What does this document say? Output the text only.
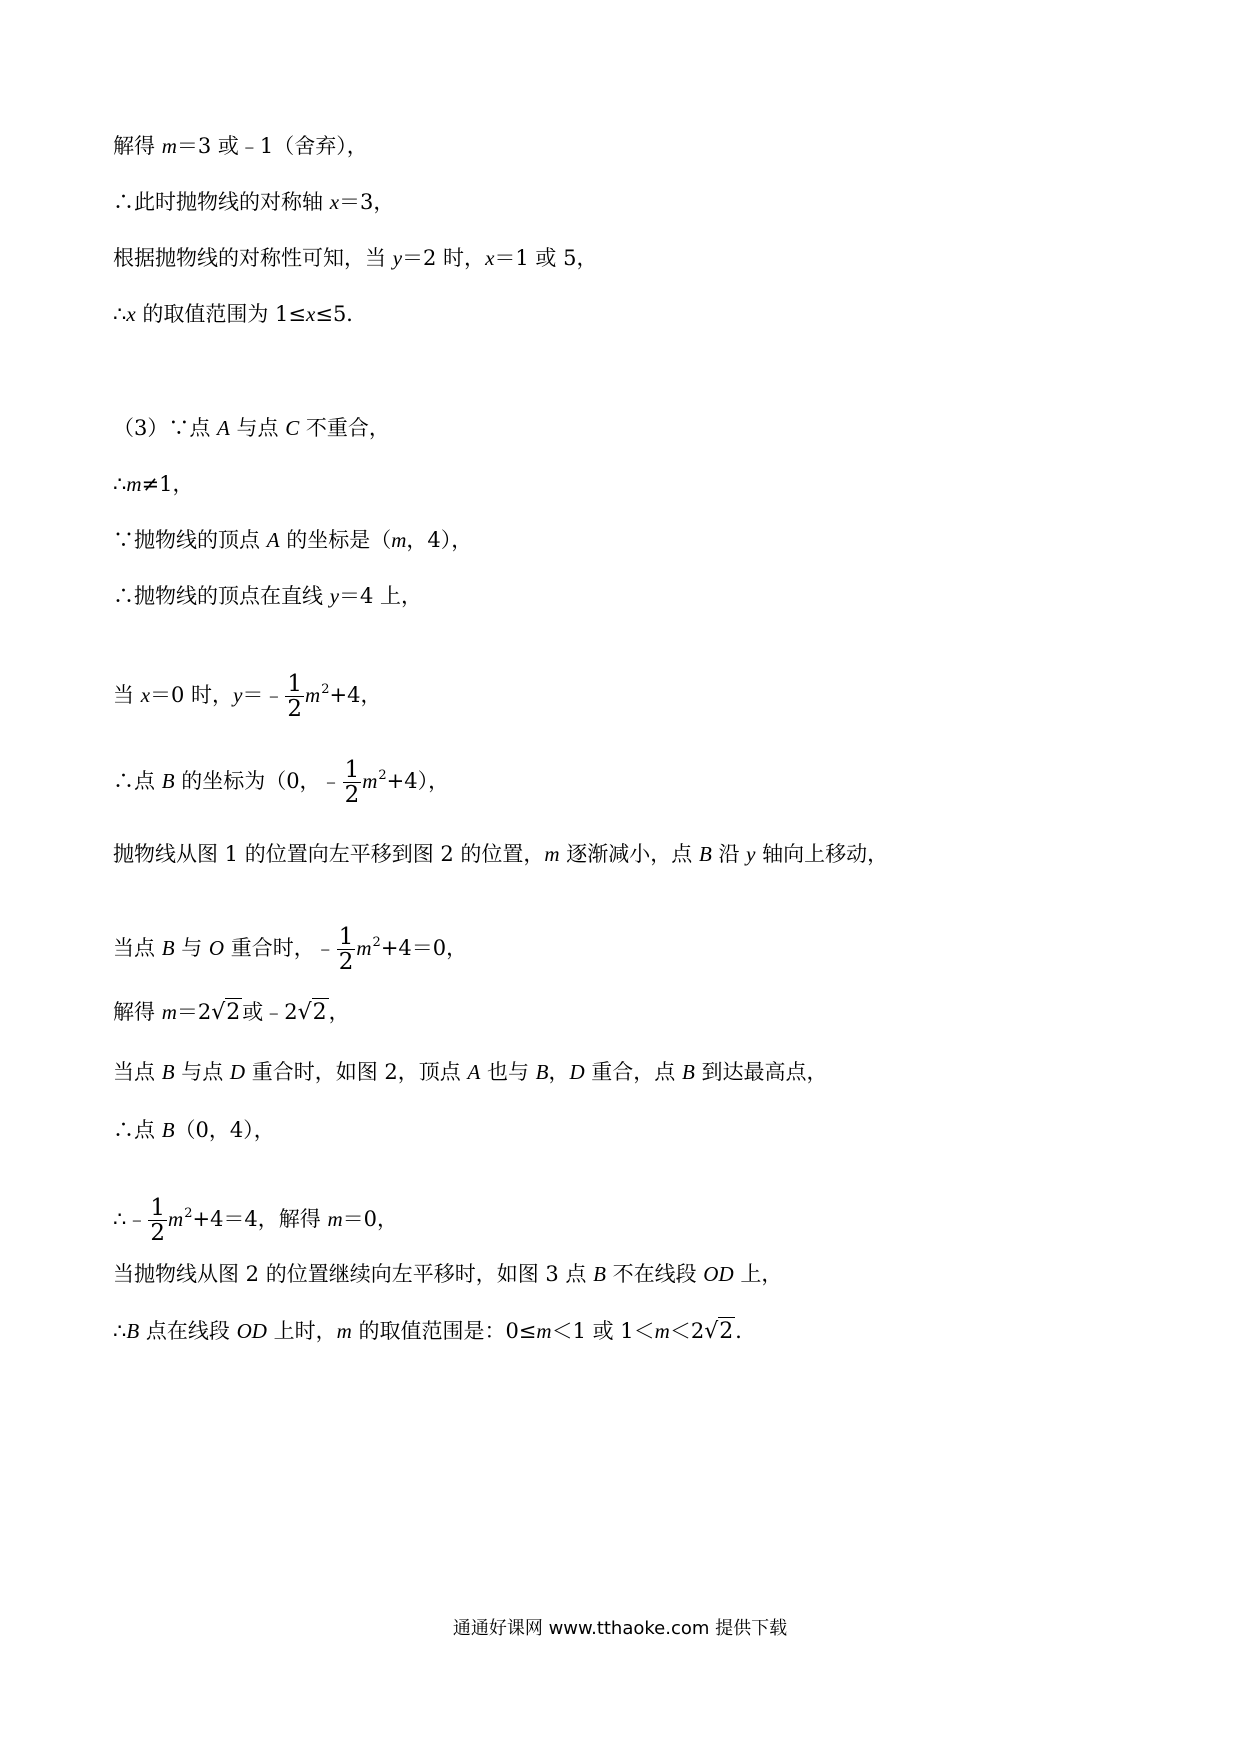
解得 m＝3 或﹣1（舍弃），
∴此时抛物线的对称轴 x＝3，
根据抛物线的对称性可知，当 y＝2 时，x＝1 或 5，
∴x 的取值范围为 1≤x≤5．
（3）∵点 A 与点 C 不重合，
∴m≠1，
∵抛物线的顶点 A 的坐标是（m，4），
∴抛物线的顶点在直线 y＝4 上，
当 x＝0 时，y＝﹣ $\frac{1}{2} m^2+4$，
∴点 B 的坐标为（0，﹣ $\frac{1}{2} m^2+4$），
抛物线从图 1 的位置向左平移到图 2 的位置，m 逐渐减小，点 B 沿 y 轴向上移动，
当点 B 与 O 重合时，﹣ $\frac{1}{2} m^2+4=0$，
解得 m＝2√2或﹣2√2，
当点 B 与点 D 重合时，如图 2，顶点 A 也与 B，D 重合，点 B 到达最高点，
∴点 B（0，4），
∴﹣ $\frac{1}{2} m^2+4=4$，解得 m＝0，
当抛物线从图 2 的位置继续向左平移时，如图 3 点 B 不在线段 OD 上，
∴B 点在线段 OD 上时，m 的取值范围是：0≤m＜1 或 1＜m＜2√2．
通通好课网 www.tthaoke.com 提供下载
